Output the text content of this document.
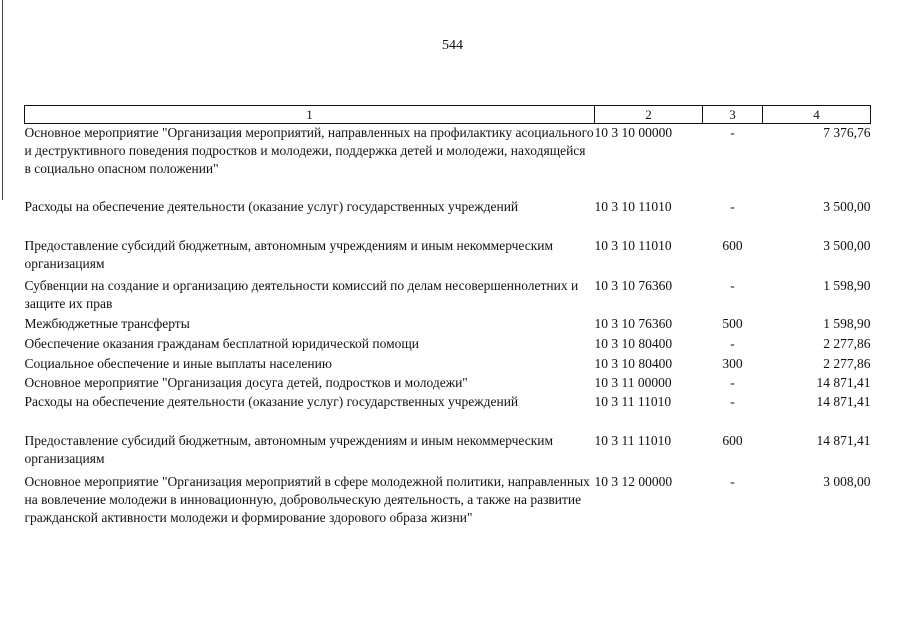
544
1	2	3	4
Основное мероприятие "Организация мероприятий, направленных на профилактику асоциального и деструктивного поведения подростков и молодежи, поддержка детей и молодежи, находящейся в социально опасном положении"	10 3 10 00000	-	7 376,76
Расходы на обеспечение деятельности (оказание услуг) государственных учреждений	10 3 10 11010	-	3 500,00
Предоставление субсидий бюджетным, автономным учреждениям и иным некоммерческим организациям	10 3 10 11010	600	3 500,00
Субвенции на создание и организацию деятельности комиссий по делам несовершеннолетних и защите их прав	10 3 10 76360	-	1 598,90
Межбюджетные трансферты	10 3 10 76360	500	1 598,90
Обеспечение оказания гражданам бесплатной юридической помощи	10 3 10 80400	-	2 277,86
Социальное обеспечение и иные выплаты населению	10 3 10 80400	300	2 277,86
Основное мероприятие "Организация досуга детей, подростков и молодежи"	10 3 11 00000	-	14 871,41
Расходы на обеспечение деятельности (оказание услуг) государственных учреждений	10 3 11 11010	-	14 871,41
Предоставление субсидий бюджетным, автономным учреждениям и иным некоммерческим организациям	10 3 11 11010	600	14 871,41
Основное мероприятие "Организация мероприятий в сфере молодежной политики, направленных на вовлечение молодежи в инновационную, добровольческую деятельность, а также на развитие гражданской активности молодежи и формирование здорового образа жизни"	10 3 12 00000	-	3 008,00
